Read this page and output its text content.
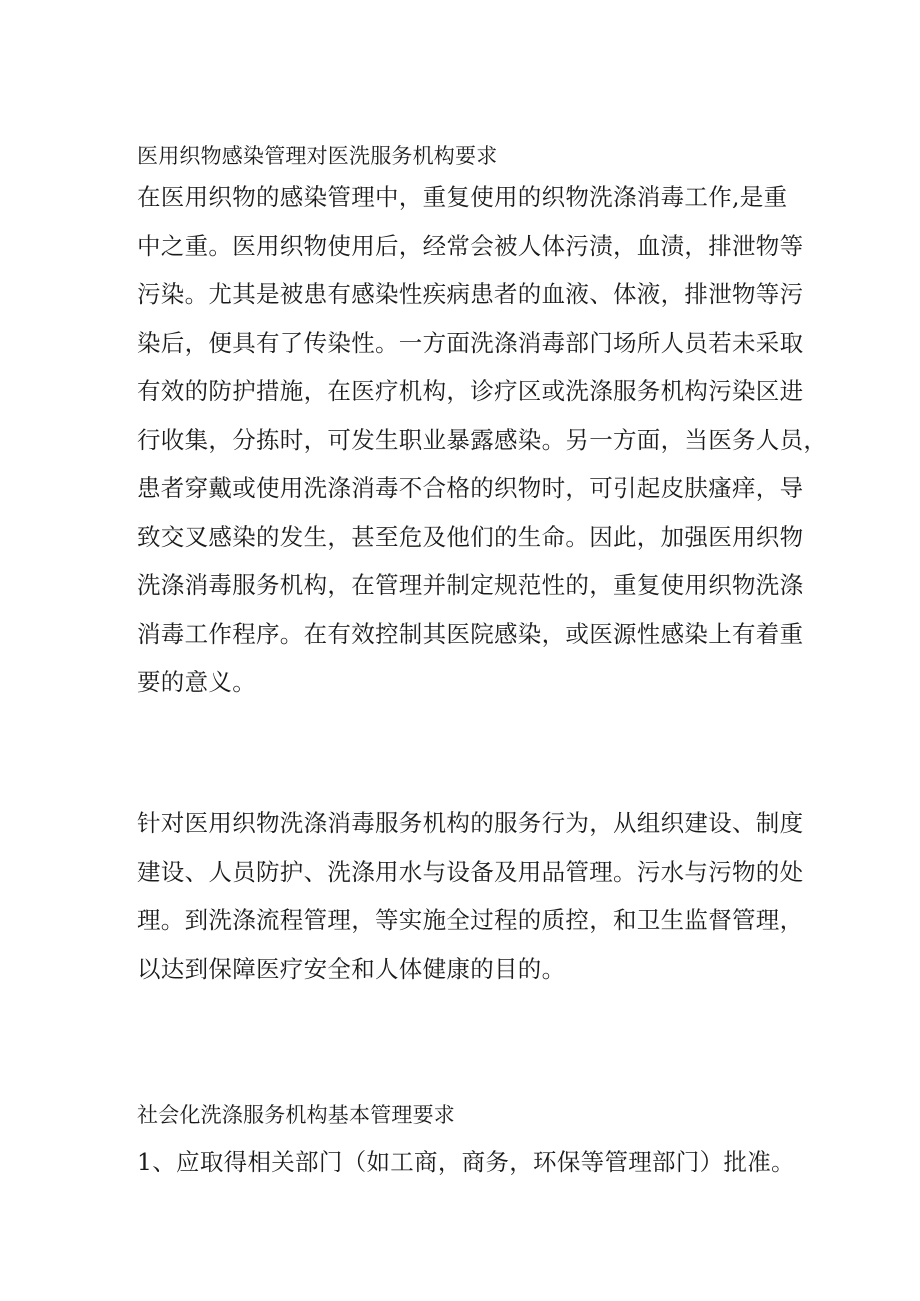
医用织物感染管理对医洗服务机构要求
在医用织物的感染管理中，重复使用的织物洗涤消毒工作,是重
中之重。医用织物使用后，经常会被人体污渍，血渍，排泄物等
污染。尤其是被患有感染性疾病患者的血液、体液，排泄物等污
染后，便具有了传染性。一方面洗涤消毒部门场所人员若未采取
有效的防护措施，在医疗机构，诊疗区或洗涤服务机构污染区进
行收集，分拣时，可发生职业暴露感染。另一方面，当医务人员，
患者穿戴或使用洗涤消毒不合格的织物时，可引起皮肤瘙痒，导
致交叉感染的发生，甚至危及他们的生命。因此，加强医用织物
洗涤消毒服务机构，在管理并制定规范性的，重复使用织物洗涤
消毒工作程序。在有效控制其医院感染，或医源性感染上有着重
要的意义。
针对医用织物洗涤消毒服务机构的服务行为，从组织建设、制度
建设、人员防护、洗涤用水与设备及用品管理。污水与污物的处
理。到洗涤流程管理，等实施全过程的质控，和卫生监督管理，
以达到保障医疗安全和人体健康的目的。
社会化洗涤服务机构基本管理要求
1、应取得相关部门（如工商，商务，环保等管理部门）批准。
